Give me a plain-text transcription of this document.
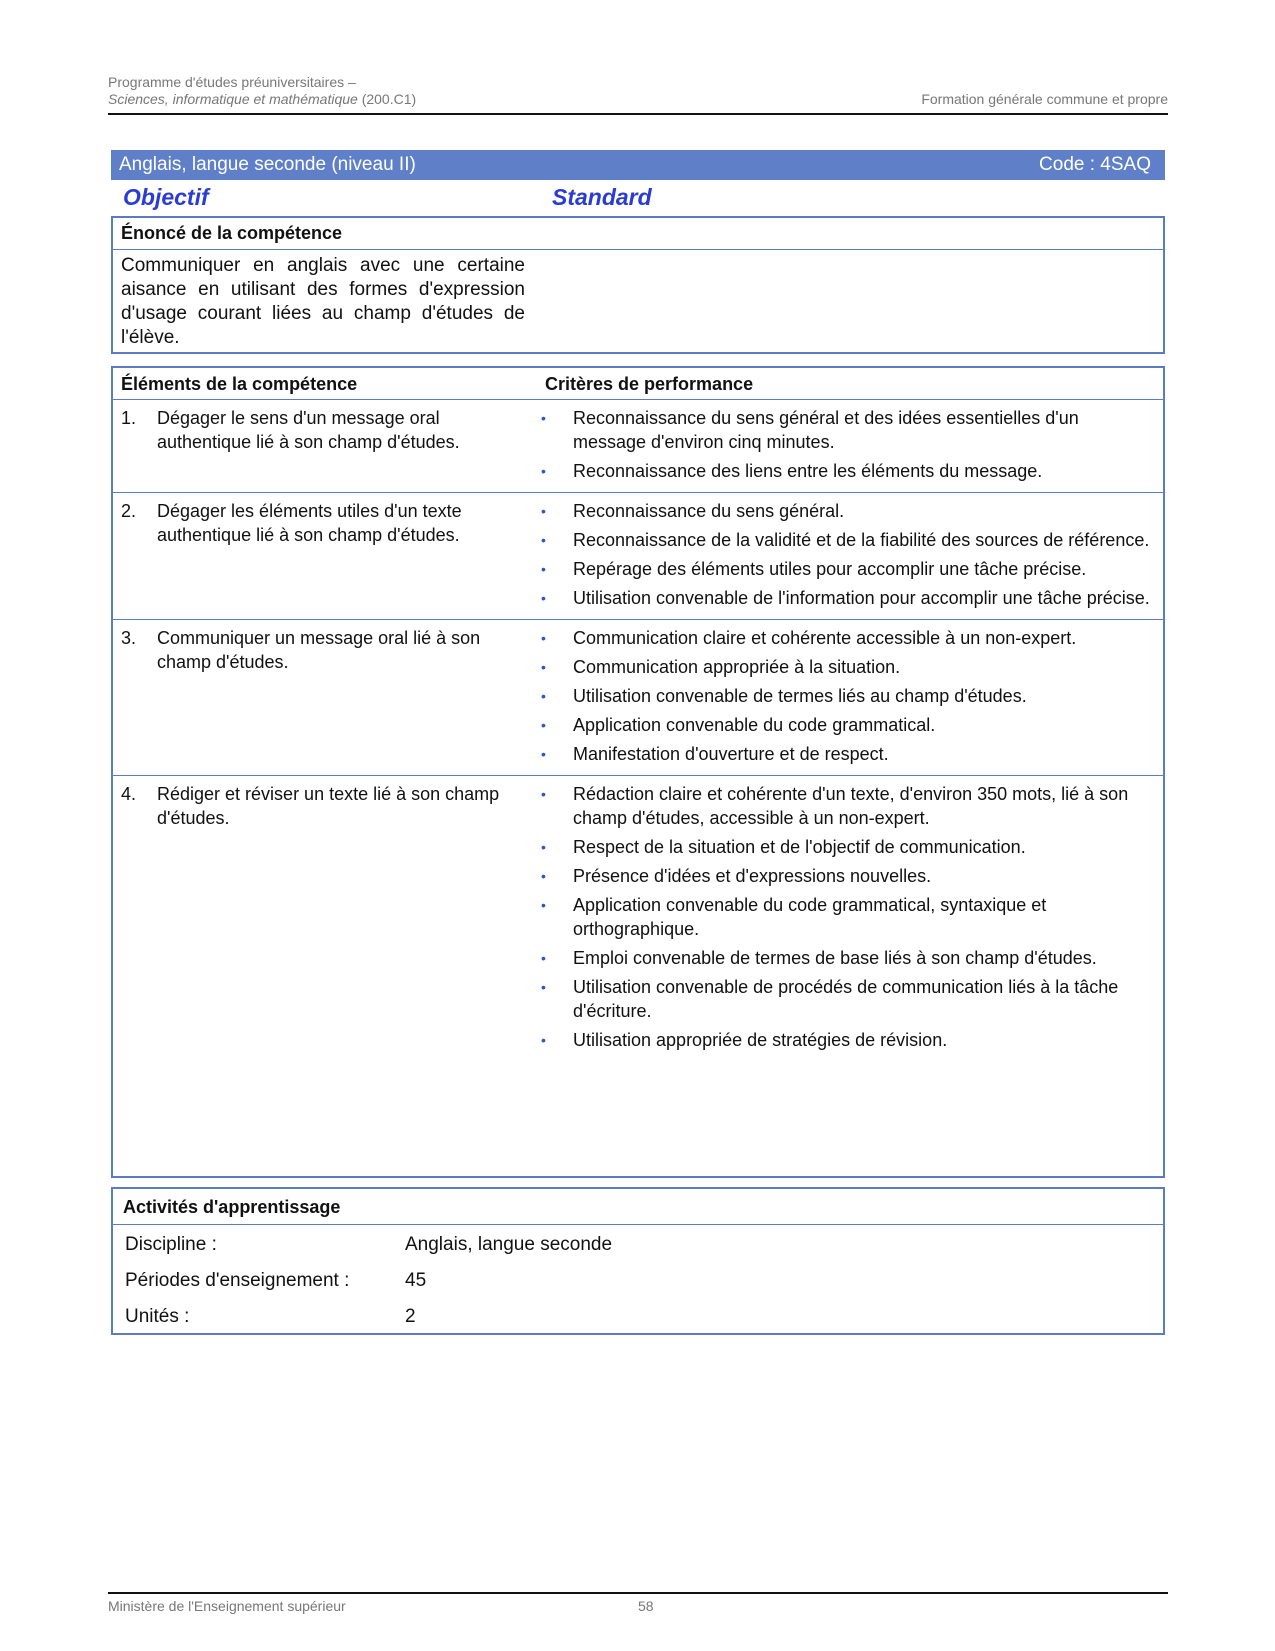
Programme d'études préuniversitaires –
Sciences, informatique et mathématique (200.C1)	Formation générale commune et propre
Anglais, langue seconde (niveau II)	Code : 4SAQ
Objectif	Standard
Énoncé de la compétence
Communiquer en anglais avec une certaine aisance en utilisant des formes d'expression d'usage courant liées au champ d'études de l'élève.
Éléments de la compétence	Critères de performance
1.	Dégager le sens d'un message oral authentique lié à son champ d'études.
•	Reconnaissance du sens général et des idées essentielles d'un message d'environ cinq minutes.
•	Reconnaissance des liens entre les éléments du message.
2.	Dégager les éléments utiles d'un texte authentique lié à son champ d'études.
•	Reconnaissance du sens général.
•	Reconnaissance de la validité et de la fiabilité des sources de référence.
•	Repérage des éléments utiles pour accomplir une tâche précise.
•	Utilisation convenable de l'information pour accomplir une tâche précise.
3.	Communiquer un message oral lié à son champ d'études.
•	Communication claire et cohérente accessible à un non-expert.
•	Communication appropriée à la situation.
•	Utilisation convenable de termes liés au champ d'études.
•	Application convenable du code grammatical.
•	Manifestation d'ouverture et de respect.
4.	Rédiger et réviser un texte lié à son champ d'études.
•	Rédaction claire et cohérente d'un texte, d'environ 350 mots, lié à son champ d'études, accessible à un non-expert.
•	Respect de la situation et de l'objectif de communication.
•	Présence d'idées et d'expressions nouvelles.
•	Application convenable du code grammatical, syntaxique et orthographique.
•	Emploi convenable de termes de base liés à son champ d'études.
•	Utilisation convenable de procédés de communication liés à la tâche d'écriture.
•	Utilisation appropriée de stratégies de révision.
Activités d'apprentissage
Discipline :	Anglais, langue seconde
Périodes d'enseignement :	45
Unités :	2
Ministère de l'Enseignement supérieur	58
